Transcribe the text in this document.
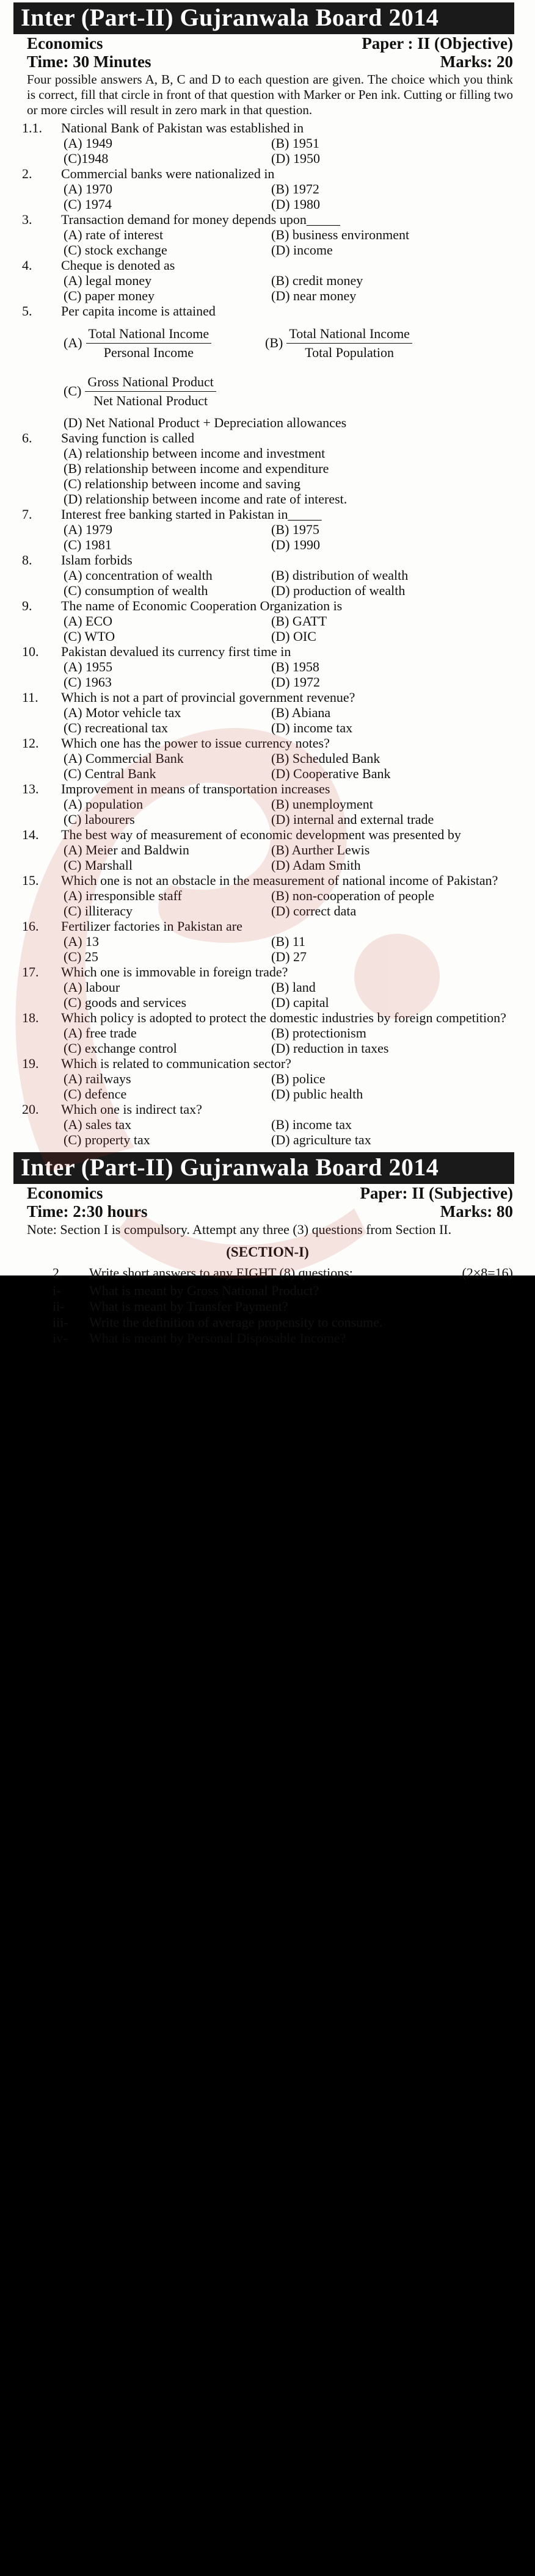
Inter (Part-II) Gujranwala Board 2014
Economics	Paper : II (Objective)
Time: 30 Minutes	Marks: 20
Four possible answers A, B, C and D to each question are given. The choice which you think is correct, fill that circle in front of that question with Marker or Pen ink. Cutting or filling two or more circles will result in zero mark in that question.
1.1.	National Bank of Pakistan was established in
(A) 1949	(B) 1951
(C)1948	(D) 1950
2.	Commercial banks were nationalized in
(A) 1970	(B) 1972
(C) 1974	(D) 1980
3.	Transaction demand for money depends upon_____
(A) rate of interest	(B) business environment
(C) stock exchange	(D) income
4.	Cheque is denoted as
(A) legal money	(B) credit money
(C) paper money	(D) near money
5.	Per capita income is attained
$(A) \frac{\text{Total National Income}}{\text{Personal Income}}$	$(B) \frac{\text{Total National Income}}{\text{Total Population}}$
$(C) \frac{\text{Gross National Product}}{\text{Net National Product}}$
(D) Net National Product + Depreciation allowances
6.	Saving function is called
(A) relationship between income and investment
(B) relationship between income and expenditure
(C) relationship between income and saving
(D) relationship between income and rate of interest.
7.	Interest free banking started in Pakistan in_____
(A) 1979	(B) 1975
(C) 1981	(D) 1990
8.	Islam forbids
(A) concentration of wealth	(B) distribution of wealth
(C) consumption of wealth	(D) production of wealth
9.	The name of Economic Cooperation Organization is
(A) ECO	(B) GATT
(C) WTO	(D) OIC
10.	Pakistan devalued its currency first time in
(A) 1955	(B) 1958
(C) 1963	(D) 1972
11.	Which is not a part of provincial government revenue?
(A) Motor vehicle tax	(B) Abiana
(C) recreational tax	(D) income tax
12.	Which one has the power to issue currency notes?
(A) Commercial Bank	(B) Scheduled Bank
(C) Central Bank	(D) Cooperative Bank
13.	Improvement in means of transportation increases
(A) population	(B) unemployment
(C) labourers	(D) internal and external trade
14.	The best way of measurement of economic development was presented by
(A) Meier and Baldwin	(B) Aurther Lewis
(C) Marshall	(D) Adam Smith
15.	Which one is not an obstacle in the measurement of national income of Pakistan?
(A) irresponsible staff	(B) non-cooperation of people
(C) illiteracy	(D) correct data
16.	Fertilizer factories in Pakistan are
(A) 13	(B) 11
(C) 25	(D) 27
17.	Which one is immovable in foreign trade?
(A) labour	(B) land
(C) goods and services	(D) capital
18.	Which policy is adopted to protect the domestic industries by foreign competition?
(A) free trade	(B) protectionism
(C) exchange control	(D) reduction in taxes
19.	Which is related to communication sector?
(A) railways	(B) police
(C) defence	(D) public health
20.	Which one is indirect tax?
(A) sales tax	(B) income tax
(C) property tax	(D) agriculture tax
Inter (Part-II) Gujranwala Board 2014
Economics	Paper: II (Subjective)
Time: 2:30 hours	Marks: 80
Note: Section I is compulsory. Attempt any three (3) questions from Section II.
(SECTION-I)
2.	Write short answers to any EIGHT (8) questions:	(2×8=16)
i-	What is meant by Gross National Product?
ii-	What is meant by Transfer Payment?
iii-	Write the definition of average propensity to consume.
iv-	What is meant by Personal Disposable Income?
